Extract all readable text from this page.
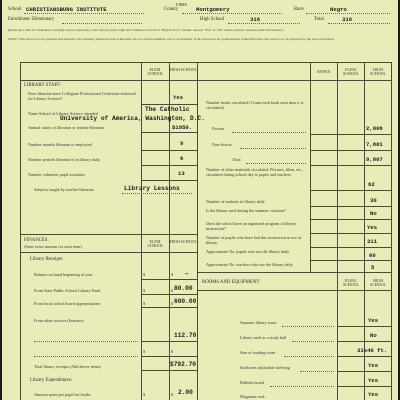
School CHRISTIANSBURG INSTITUTE
CSDA
County	Montgomery	Race	Negro
Enrollment: Elementary	High School	316	Total	316
(Please give data for elementary and high schools separately. Give data for junior high and combined schools in "High School" column. Answer "Yes" or "No" unless question requires other information.)
NOTE: This report is to be prepared and signed by the regularly employed school librarian who is a faculty member, not by an assistant. If the school has no professionally trained librarian, this report is to be prepared by the school principal.
ELEM. SCHOOL
HIGH SCHOOL	ANNEX	ELEM. SCHOOL
HIGH SCHOOL
LIBRARY STAFF:
Does librarian have Collegiate Professional Certificate endorsed for Library Science?	Yes
Name School of Library Science attended
The Catholic
University of America, Washington, D.C.
Annual salary of librarian or teacher-librarian	$1950.
Number months librarian is employed	9
Number periods librarian is in library daily	6
Number volunteer pupil assistants	13
Subjects taught by teacher-librarian	Library Lessons
Number books circulated (Count each book each time it is circulated)
Fiction	2,006
Non-fiction	7,801
Total	9,807
Number of other materials circulated: Pictures, films, etc., circulated during school day to pupils and teachers
62
Number of students in library daily	30
Is the library used during the summer vacation?	No
Does the school have an organized program of library instruction?	Yes
Number of pupils who have had this instruction in use of library	311
Approximate No. pupils who use the library daily
60
Approximate No. teachers who use the library daily	5
FINANCES:
(State exact amount for each item)
ELEM. SCHOOL
HIGH SCHOOL
Library Receipts:
Balance on hand beginning of year	$	$ —
From State Public School Library Fund	$	$ 80.00
From local school board appropriations	$	$ 600.00
From other sources (Itemize):
112.70
$	$
Total library receipts (Add above items)	$792.70
Library Expenditures:
Amount spent per pupil for books	$	$ 2.00
ROOMS AND EQUIPMENT:	ELEM. SCHOOL
HIGH SCHOOL
Separate library room	Yes
Library used as a study hall	No
Size of reading room	31x40 ft.
Sufficient adjustable shelving	Yes
Bulletin board	Yes
Magazine rack	Yes
